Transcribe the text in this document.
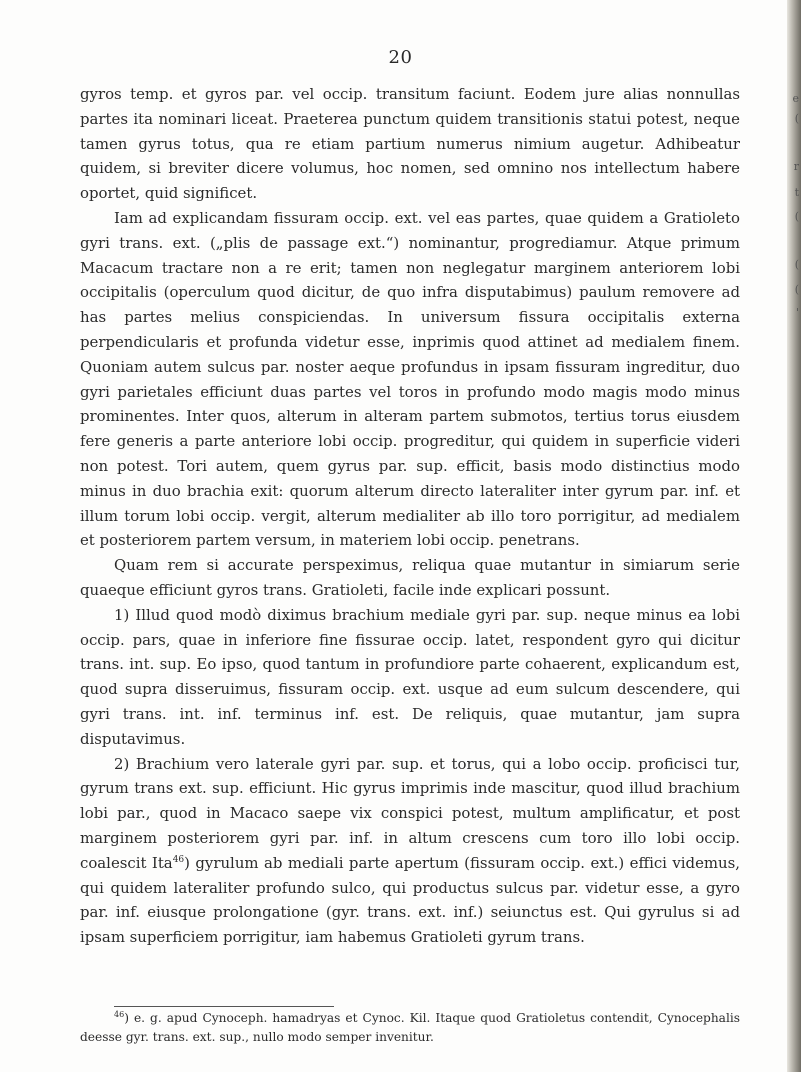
20

gyros temp. et gyros par. vel occip. transitum faciunt. Eodem jure alias nonnullas partes ita nominari liceat. Praeterea punctum quidem transitionis statui potest, neque tamen gyrus totus, qua re etiam partium numerus nimium augetur. Adhibeatur quidem, si breviter dicere volumus, hoc nomen, sed omnino nos intellectum habere oportet, quid significet.

Iam ad explicandam fissuram occip. ext. vel eas partes, quae quidem a Gratioleto gyri trans. ext. („plis de passage ext.“) nominantur, progrediamur. Atque primum Macacum tractare non a re erit; tamen non neglegatur marginem anteriorem lobi occipitalis (operculum quod dicitur, de quo infra disputabimus) paulum removere ad has partes melius conspiciendas. In universum fissura occipitalis externa perpendicularis et profunda videtur esse, inprimis quod attinet ad medialem finem. Quoniam autem sulcus par. noster aeque profundus in ipsam fissuram ingreditur, duo gyri parietales efficiunt duas partes vel toros in profundo modo magis modo minus prominentes. Inter quos, alterum in alteram partem submotos, tertius torus eiusdem fere generis a parte anteriore lobi occip. progreditur, qui quidem in superficie videri non potest. Tori autem, quem gyrus par. sup. efficit, basis modo distinctius modo minus in duo brachia exit: quorum alterum directo lateraliter inter gyrum par. inf. et illum torum lobi occip. vergit, alterum medialiter ab illo toro porrigitur, ad medialem et posteriorem partem versum, in materiem lobi occip. penetrans.

Quam rem si accurate perspeximus, reliqua quae mutantur in simiarum serie quaeque efficiunt gyros trans. Gratioleti, facile inde explicari possunt.

1) Illud quod modò diximus brachium mediale gyri par. sup. neque minus ea lobi occip. pars, quae in inferiore fine fissurae occip. latet, respondent gyro qui dicitur trans. int. sup. Eo ipso, quod tantum in profundiore parte cohaerent, explicandum est, quod supra disseruimus, fissuram occip. ext. usque ad eum sulcum descendere, qui gyri trans. int. inf. terminus inf. est. De reliquis, quae mutantur, jam supra disputavimus.

2) Brachium vero laterale gyri par. sup. et torus, qui a lobo occip. proficisci tur, gyrum trans ext. sup. efficiunt. Hic gyrus imprimis inde mascitur, quod illud brachium lobi par., quod in Macaco saepe vix conspici potest, multum amplificatur, et post marginem posteriorem gyri par. inf. in altum crescens cum toro illo lobi occip. coalescit Ita$^{46}$) gyrulum ab mediali parte apertum (fissuram occip. ext.) effici videmus, qui quidem lateraliter profundo sulco, qui productus sulcus par. videtur esse, a gyro par. inf. eiusque prolongatione (gyr. trans. ext. inf.) seiunctus est. Qui gyrulus si ad ipsam superficiem porrigitur, iam habemus Gratioleti gyrum trans.

$^{46}$) e. g. apud Cynoceph. hamadryas et Cynoc. Kil. Itaque quod Gratioletus contendit, Cynocephalis deesse gyr. trans. ext. sup., nullo modo semper invenitur.
e
(
r
t
(
(
(
'
